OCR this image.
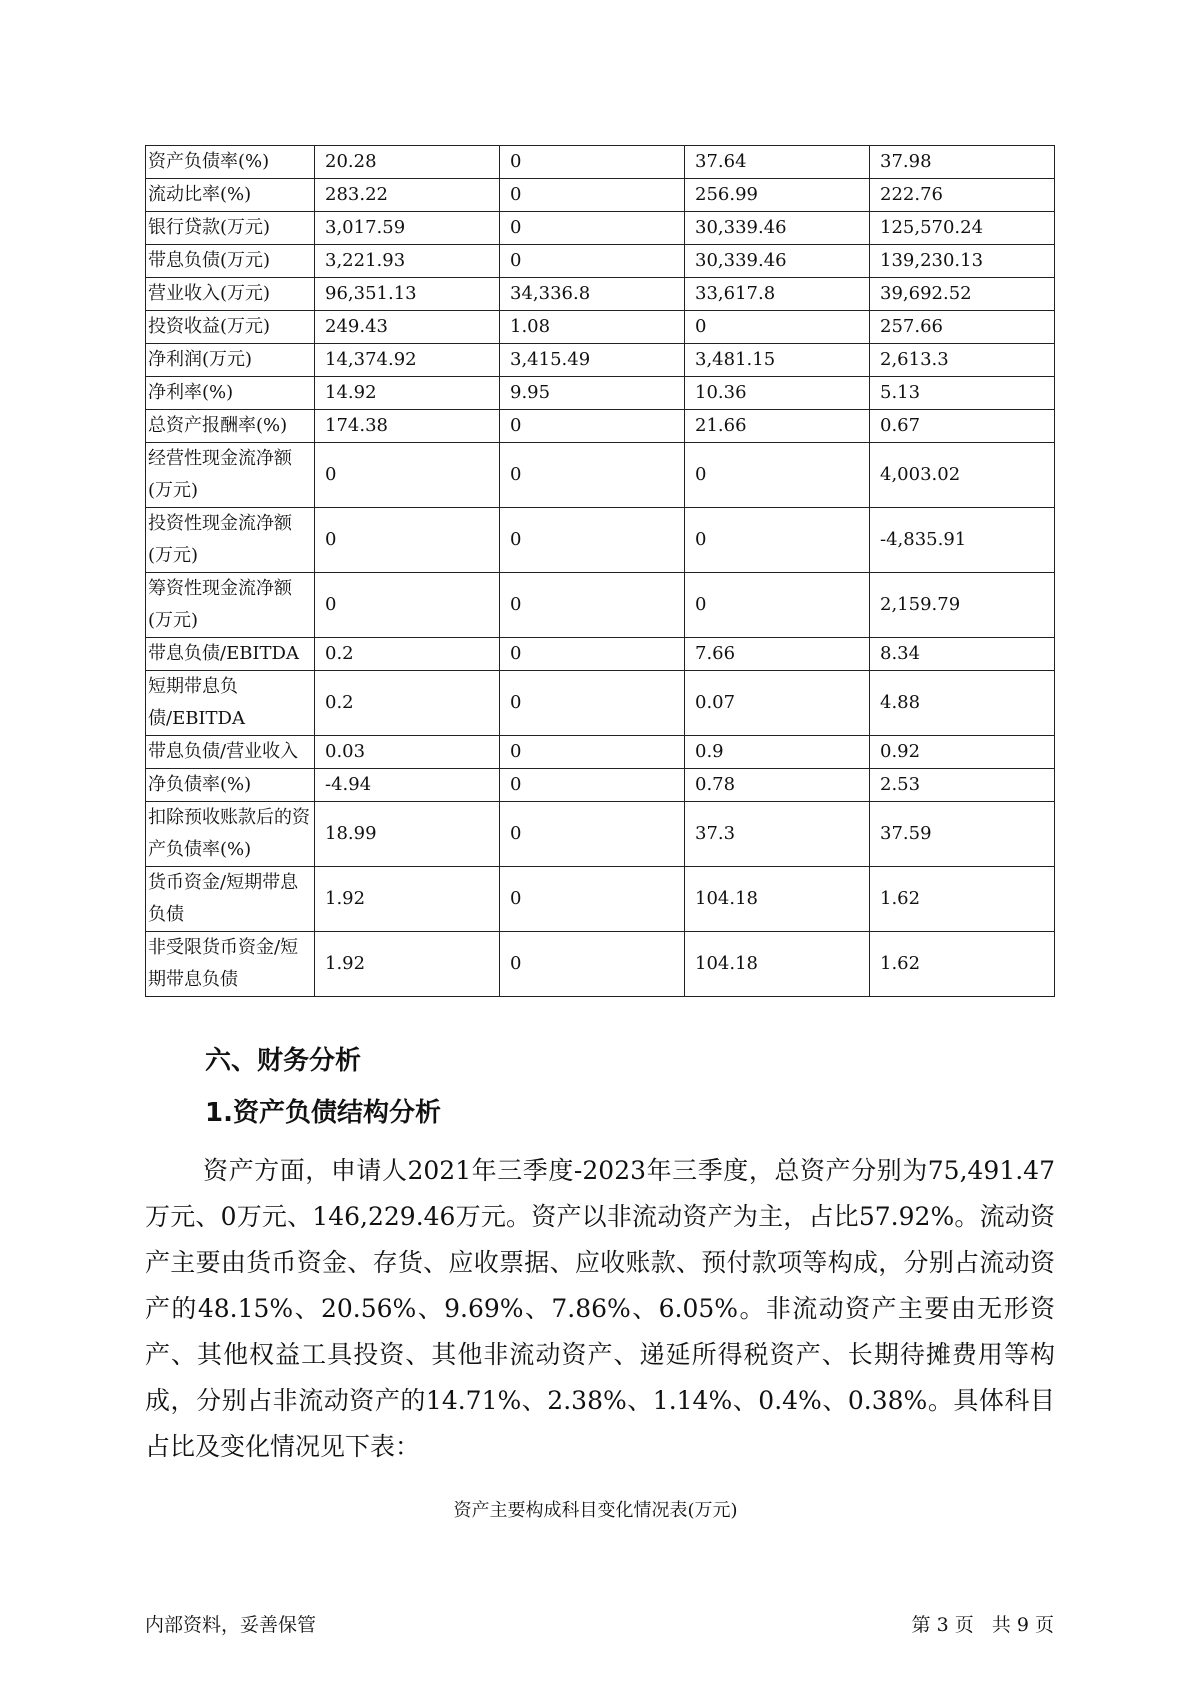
资产负债率(%)	20.28	0	37.64	37.98
流动比率(%)	283.22	0	256.99	222.76
银行贷款(万元)	3,017.59	0	30,339.46	125,570.24
带息负债(万元)	3,221.93	0	30,339.46	139,230.13
营业收入(万元)	96,351.13	34,336.8	33,617.8	39,692.52
投资收益(万元)	249.43	1.08	0	257.66
净利润(万元)	14,374.92	3,415.49	3,481.15	2,613.3
净利率(%)	14.92	9.95	10.36	5.13
总资产报酬率(%)	174.38	0	21.66	0.67
经营性现金流净额(万元)	0	0	0	4,003.02
投资性现金流净额(万元)	0	0	0	-4,835.91
筹资性现金流净额(万元)	0	0	0	2,159.79
带息负债/EBITDA	0.2	0	7.66	8.34
短期带息负债/EBITDA	0.2	0	0.07	4.88
带息负债/营业收入	0.03	0	0.9	0.92
净负债率(%)	-4.94	0	0.78	2.53
扣除预收账款后的资产负债率(%)	18.99	0	37.3	37.59
货币资金/短期带息负债	1.92	0	104.18	1.62
非受限货币资金/短期带息负债	1.92	0	104.18	1.62
六、财务分析
1.资产负债结构分析
资产方面，申请人2021年三季度-2023年三季度，总资产分别为75,491.47万元、0万元、146,229.46万元。资产以非流动资产为主，占比57.92%。流动资产主要由货币资金、存货、应收票据、应收账款、预付款项等构成，分别占流动资产的48.15%、20.56%、9.69%、7.86%、6.05%。非流动资产主要由无形资产、其他权益工具投资、其他非流动资产、递延所得税资产、长期待摊费用等构成，分别占非流动资产的14.71%、2.38%、1.14%、0.4%、0.38%。具体科目占比及变化情况见下表：
资产主要构成科目变化情况表(万元)
内部资料，妥善保管	第 3 页   共 9 页
